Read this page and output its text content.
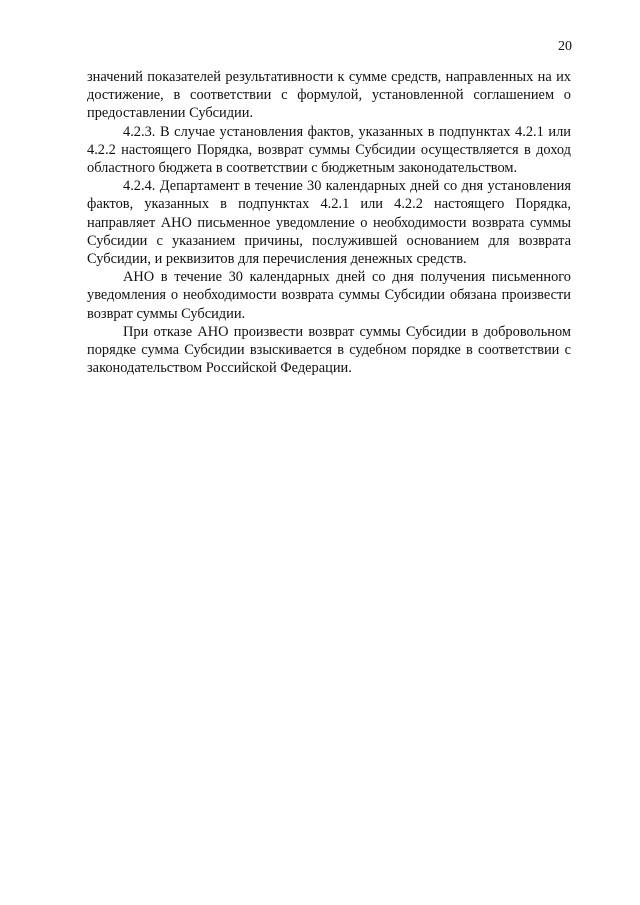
20

значений показателей результативности к сумме средств, направленных на их достижение, в соответствии с формулой, установленной соглашением о предоставлении Субсидии.

4.2.3. В случае установления фактов, указанных в подпунктах 4.2.1 или 4.2.2 настоящего Порядка, возврат суммы Субсидии осуществляется в доход областного бюджета в соответствии с бюджетным законодательством.

4.2.4. Департамент в течение 30 календарных дней со дня установления фактов, указанных в подпунктах 4.2.1 или 4.2.2 настоящего Порядка, направляет АНО письменное уведомление о необходимости возврата суммы Субсидии с указанием причины, послужившей основанием для возврата Субсидии, и реквизитов для перечисления денежных средств.

АНО в течение 30 календарных дней со дня получения письменного уведомления о необходимости возврата суммы Субсидии обязана произвести возврат суммы Субсидии.

При отказе АНО произвести возврат суммы Субсидии в добровольном порядке сумма Субсидии взыскивается в судебном порядке в соответствии с законодательством Российской Федерации.
